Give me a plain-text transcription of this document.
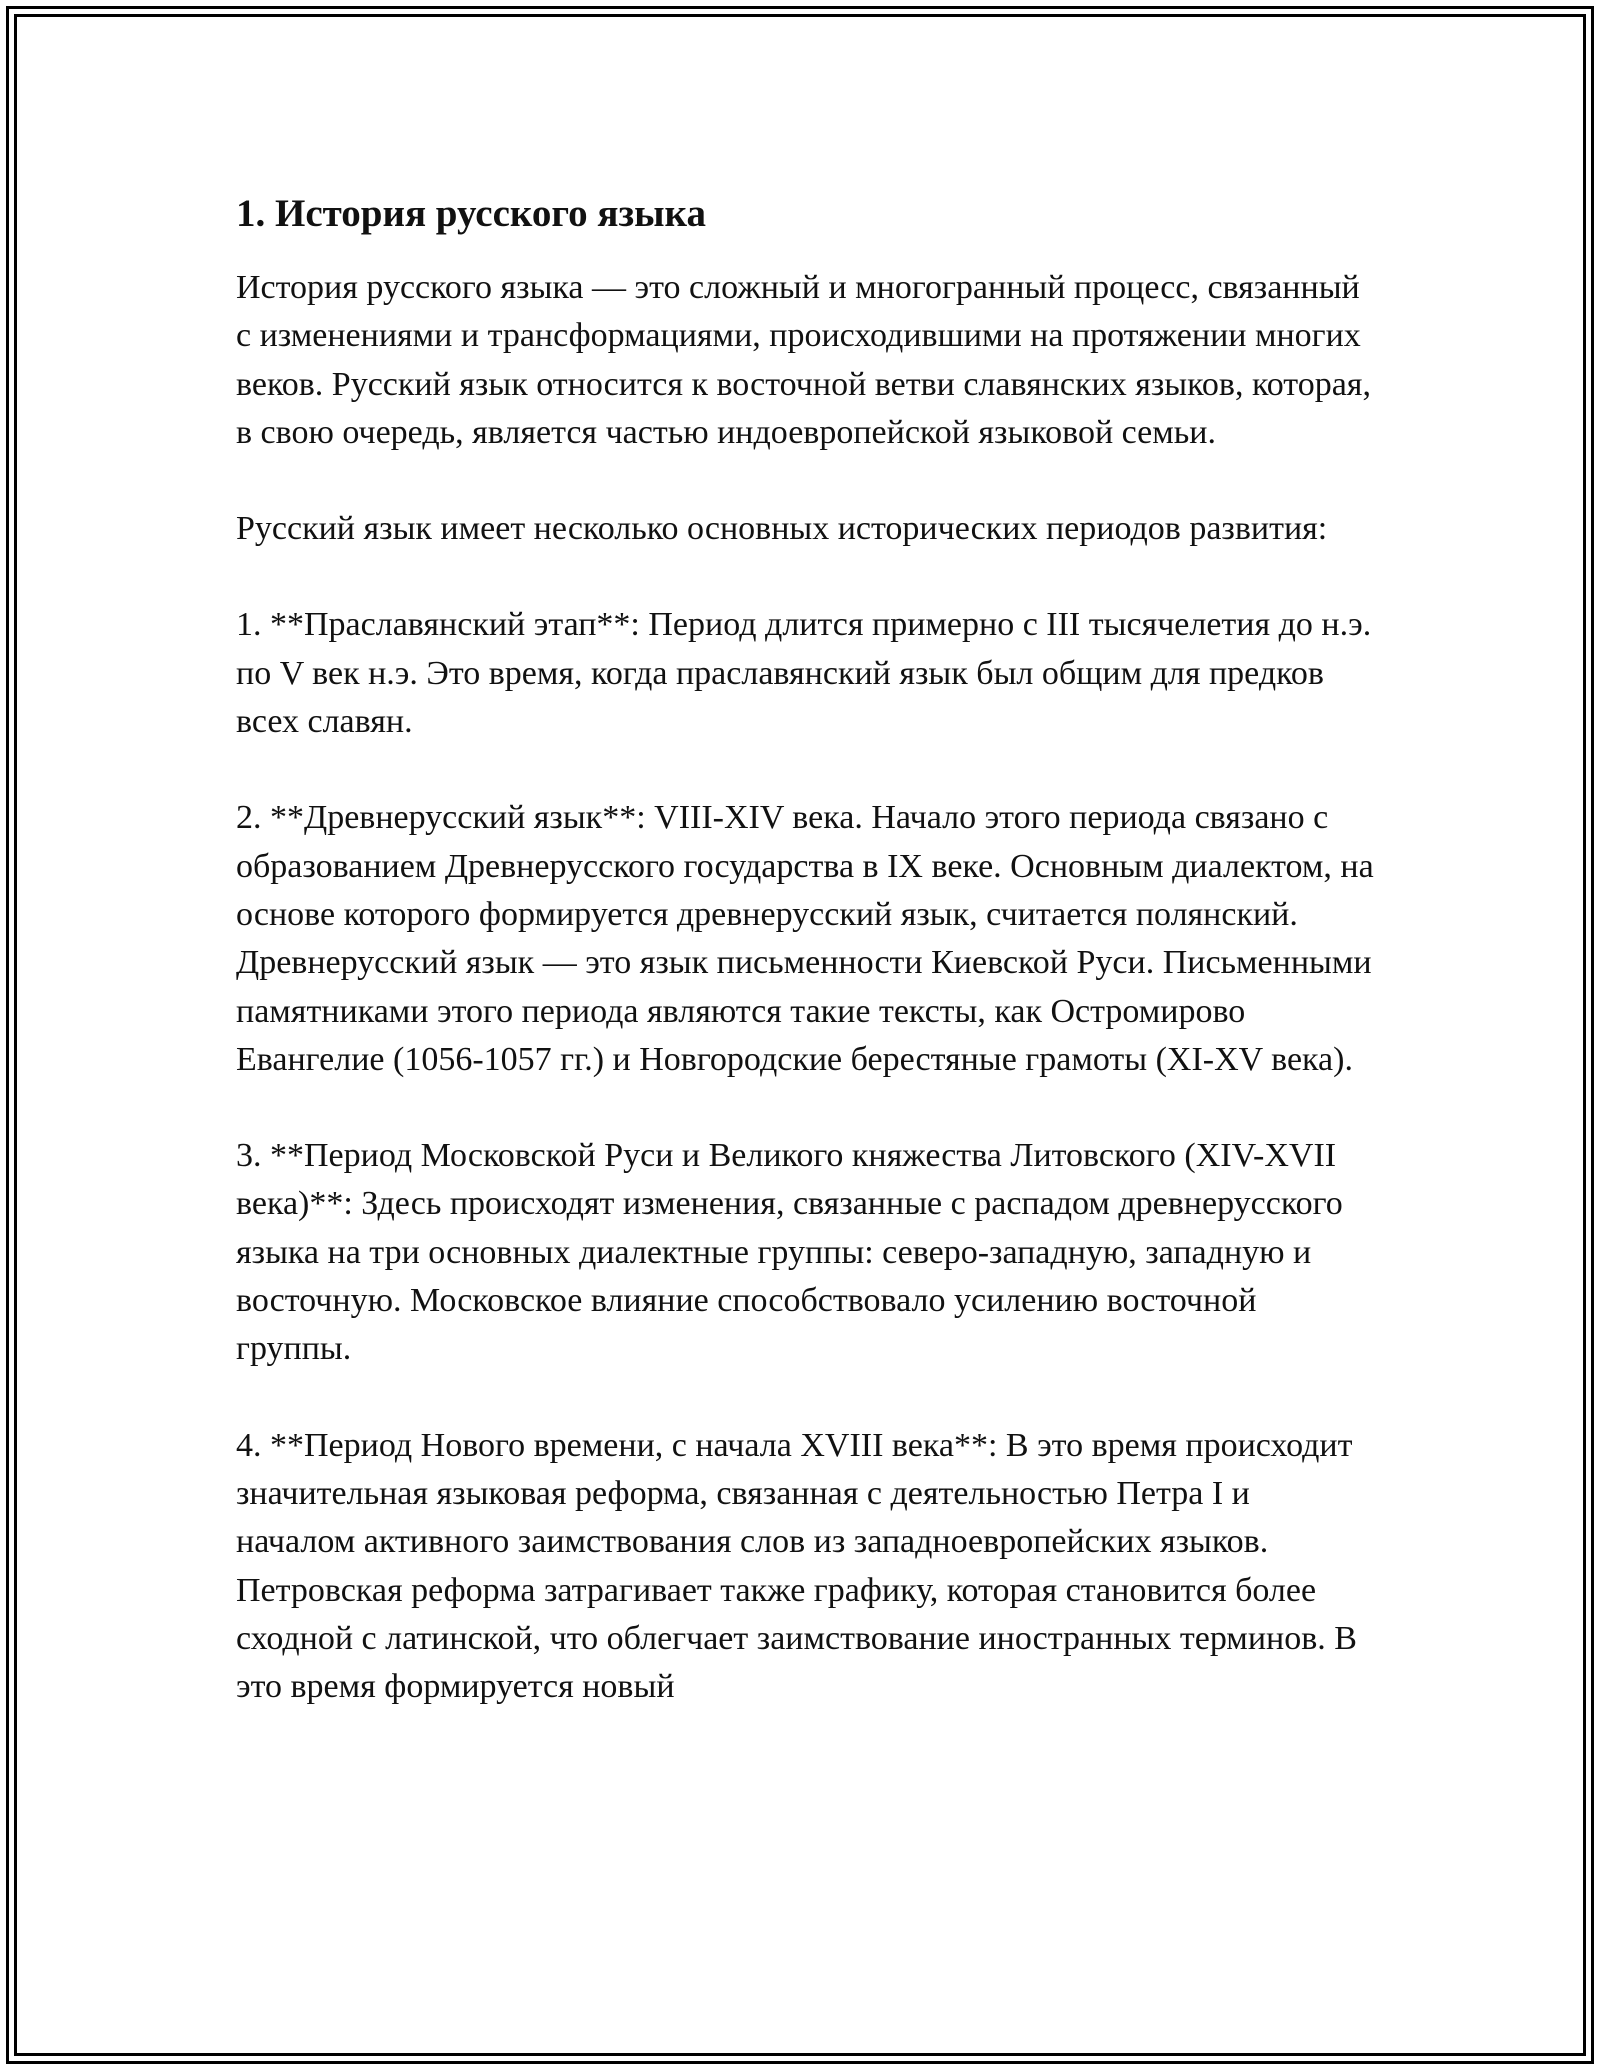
1. История русского языка

История русского языка — это сложный и многогранный процесс, связанный с изменениями и трансформациями, происходившими на протяжении многих веков. Русский язык относится к восточной ветви славянских языков, которая, в свою очередь, является частью индоевропейской языковой семьи.

Русский язык имеет несколько основных исторических периодов развития:

1. **Праславянский этап**: Период длится примерно с III тысячелетия до н.э. по V век н.э. Это время, когда праславянский язык был общим для предков всех славян.

2. **Древнерусский язык**: VIII-XIV века. Начало этого периода связано с образованием Древнерусского государства в IX веке. Основным диалектом, на основе которого формируется древнерусский язык, считается полянский. Древнерусский язык — это язык письменности Киевской Руси. Письменными памятниками этого периода являются такие тексты, как Остромирово Евангелие (1056-1057 гг.) и Новгородские берестяные грамоты (XI-XV века).

3. **Период Московской Руси и Великого княжества Литовского (XIV-XVII века)**: Здесь происходят изменения, связанные с распадом древнерусского языка на три основных диалектные группы: северо-западную, западную и восточную. Московское влияние способствовало усилению восточной группы.

4. **Период Нового времени, с начала XVIII века**: В это время происходит значительная языковая реформа, связанная с деятельностью Петра I и началом активного заимствования слов из западноевропейских языков. Петровская реформа затрагивает также графику, которая становится более сходной с латинской, что облегчает заимствование иностранных терминов. В это время формируется новый
